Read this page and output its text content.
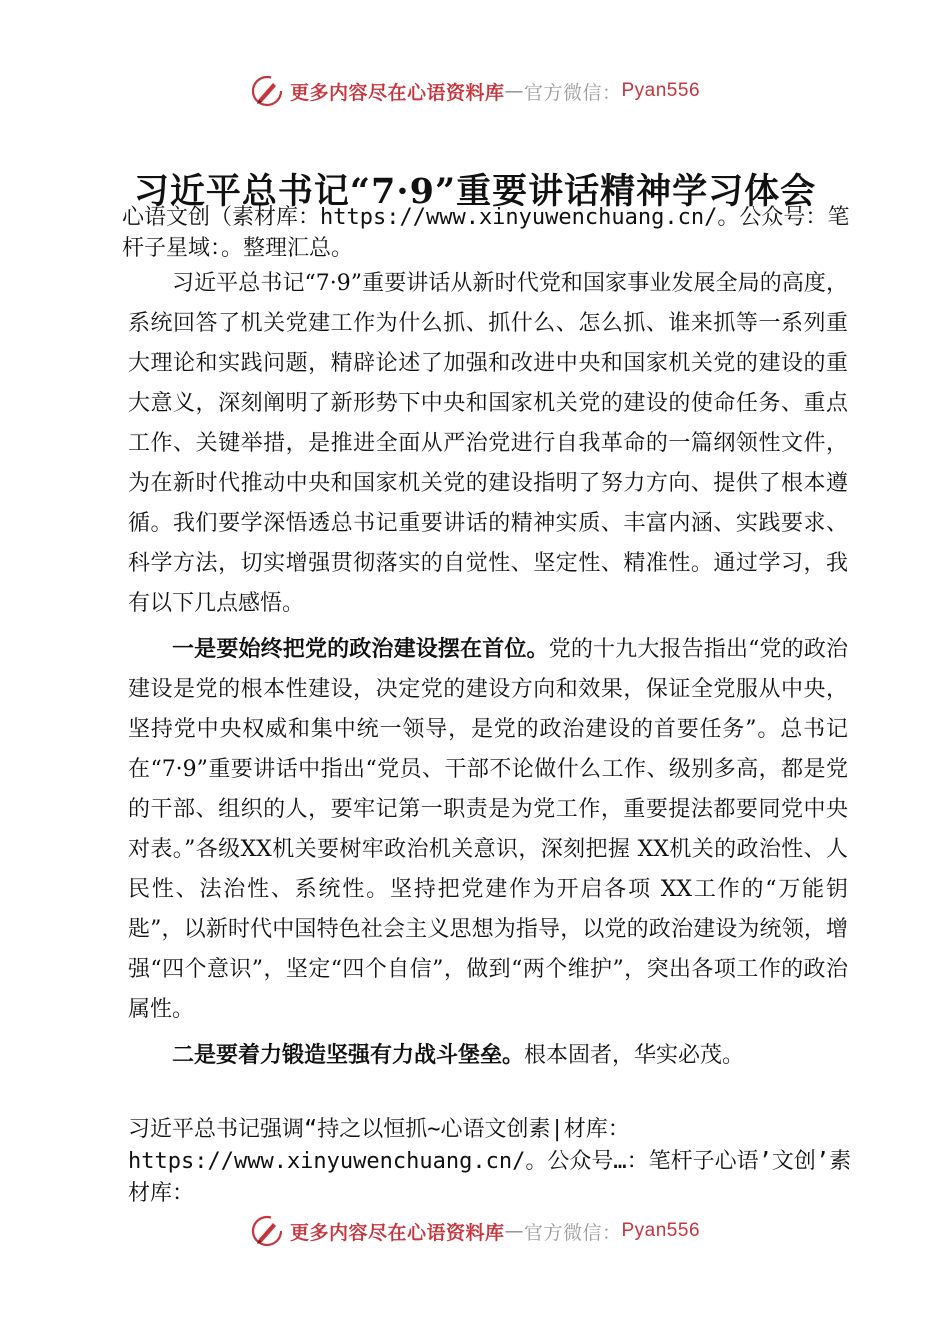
更多内容尽在心语资料库 — 官方微信： Pyan556
习近平总书记“7·9”重要讲话精神学习体会
心语文创（素材库：https://www.xinyuwenchuang.cn/。公众号：笔杆子星域：。整理汇总。

习近平总书记“7·9”重要讲话从新时代党和国家事业发展全局的高度，系统回答了机关党建工作为什么抓、抓什么、怎么抓、谁来抓等一系列重大理论和实践问题，精辟论述了加强和改进中央和国家机关党的建设的重大意义，深刻阐明了新形势下中央和国家机关党的建设的使命任务、重点工作、关键举措，是推进全面从严治党进行自我革命的一篇纲领性文件，为在新时代推动中央和国家机关党的建设指明了努力方向、提供了根本遵循。我们要学深悟透总书记重要讲话的精神实质、丰富内涵、实践要求、科学方法，切实增强贯彻落实的自觉性、坚定性、精准性。通过学习，我有以下几点感悟。

一是要始终把党的政治建设摆在首位。党的十九大报告指出“党的政治建设是党的根本性建设，决定党的建设方向和效果，保证全党服从中央，坚持党中央权威和集中统一领导，是党的政治建设的首要任务”。总书记在“7·9”重要讲话中指出“党员、干部不论做什么工作、级别多高，都是党的干部、组织的人，要牢记第一职责是为党工作，重要提法都要同党中央对表。”各级XX机关要树牢政治机关意识，深刻把握 XX机关的政治性、人民性、法治性、系统性。坚持把党建作为开启各项 XX工作的“万能钥匙”，以新时代中国特色社会主义思想为指导，以党的政治建设为统领，增强“四个意识”，坚定“四个自信”，做到“两个维护”，突出各项工作的政治属性。

二是要着力锻造坚强有力战斗堡垒。根本固者，华实必茂。

习近平总书记强调“持之以恒抓~心语文创素|材库：https://www.xinyuwenchuang.cn/。公众号…：笔杆子心语’文创’素材库：
更多内容尽在心语资料库 — 官方微信： Pyan556
